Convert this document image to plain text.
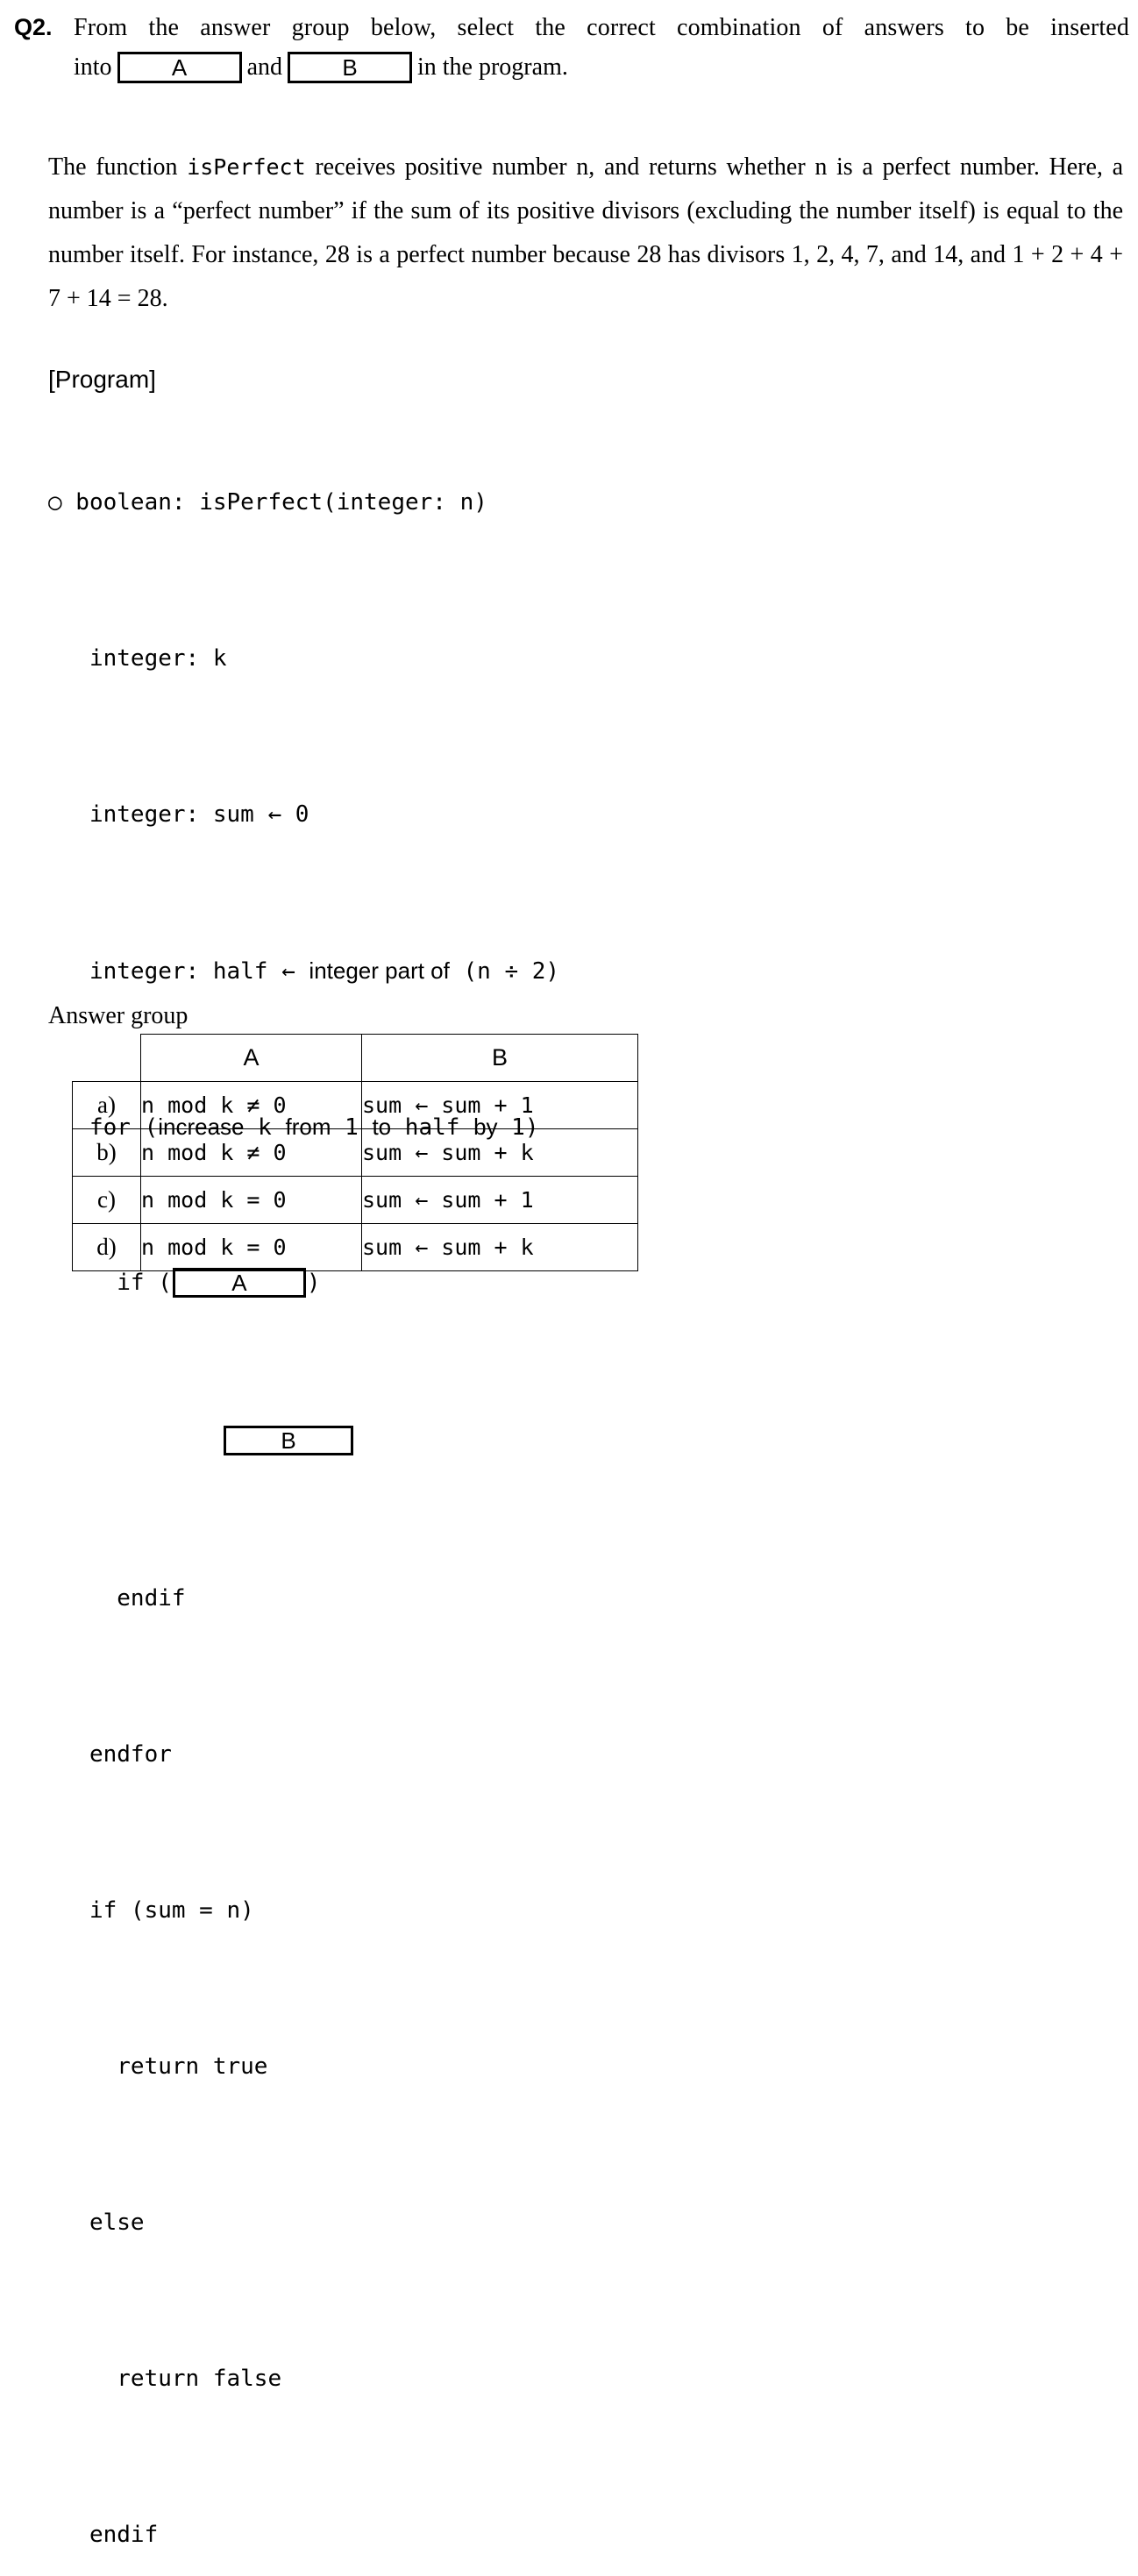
Q2. From the answer group below, select the correct combination of answers to be inserted
into	A	and	B	in the program.
The function isPerfect receives positive number n, and returns whether n is a perfect number. Here, a number is a “perfect number” if the sum of its positive divisors (excluding the number itself) is equal to the number itself. For instance, 28 is a perfect number because 28 has divisors 1, 2, 4, 7, and 14, and 1 + 2 + 4 + 7 + 14 = 28.
[Program]

○ boolean: isPerfect(integer: n)

integer: k

integer: sum ← 0

integer: half ← integer part of (n ÷ 2)

for (increase k from 1 to half by 1)

if (	A	)

B

endif

endfor

if (sum = n)

return true

else

return false

endif

Answer group
	A	B
a)	n mod k ≠ 0	sum ← sum + 1
b)	n mod k ≠ 0	sum ← sum + k
c)	n mod k = 0	sum ← sum + 1
d)	n mod k = 0	sum ← sum + k
